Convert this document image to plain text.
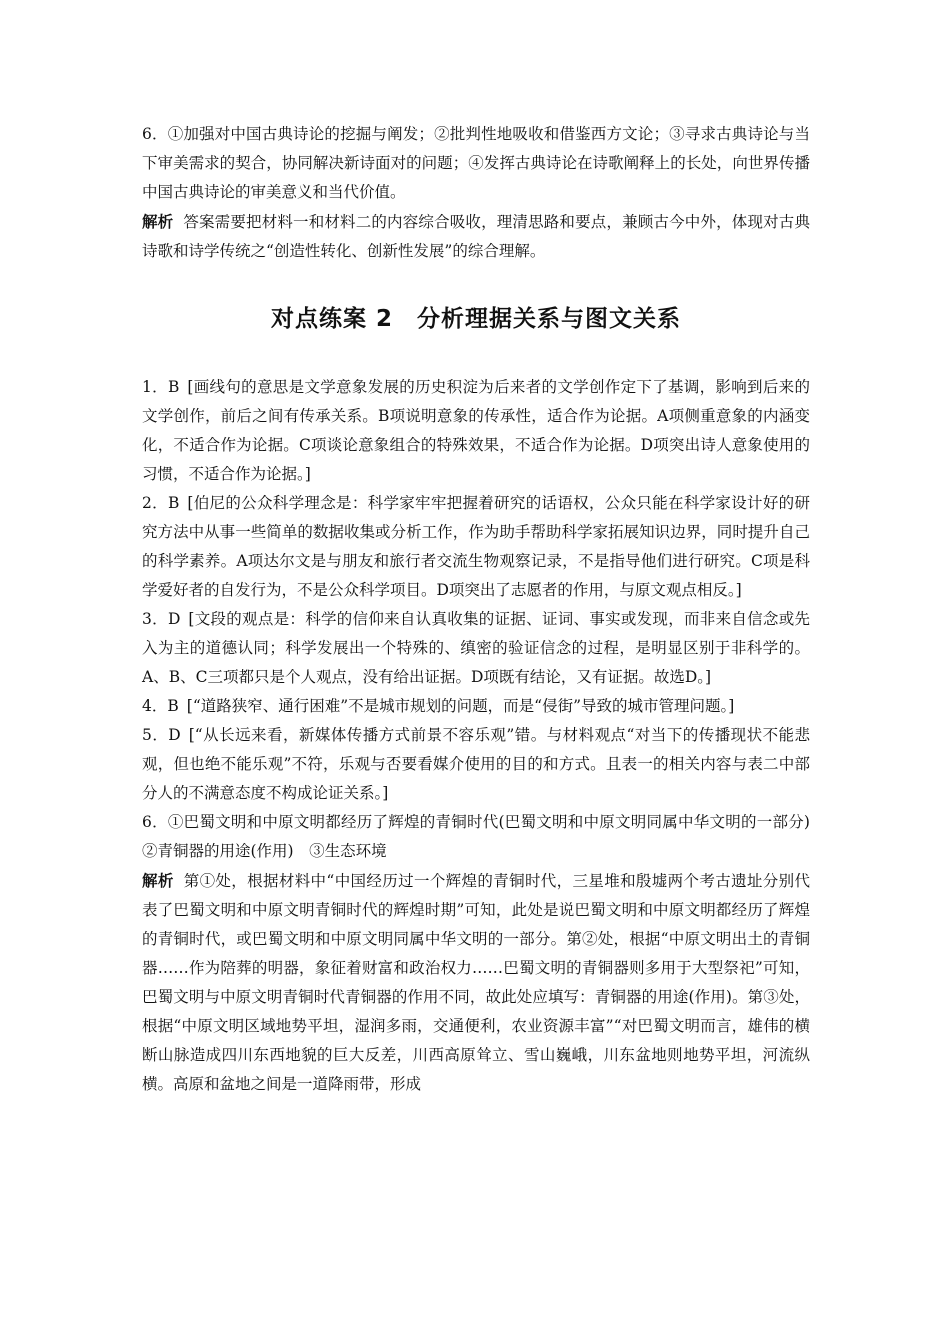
6．①加强对中国古典诗论的挖掘与阐发；②批判性地吸收和借鉴西方文论；③寻求古典诗论与当下审美需求的契合，协同解决新诗面对的问题；④发挥古典诗论在诗歌阐释上的长处，向世界传播中国古典诗论的审美意义和当代价值。

解析 答案需要把材料一和材料二的内容综合吸收，理清思路和要点，兼顾古今中外，体现对古典诗歌和诗学传统之“创造性转化、创新性发展”的综合理解。

对点练案 2　分析理据关系与图文关系

1．B [画线句的意思是文学意象发展的历史积淀为后来者的文学创作定下了基调，影响到后来的文学创作，前后之间有传承关系。B项说明意象的传承性，适合作为论据。A项侧重意象的内涵变化，不适合作为论据。C项谈论意象组合的特殊效果，不适合作为论据。D项突出诗人意象使用的习惯，不适合作为论据。]

2．B [伯尼的公众科学理念是：科学家牢牢把握着研究的话语权，公众只能在科学家设计好的研究方法中从事一些简单的数据收集或分析工作，作为助手帮助科学家拓展知识边界，同时提升自己的科学素养。A项达尔文是与朋友和旅行者交流生物观察记录，不是指导他们进行研究。C项是科学爱好者的自发行为，不是公众科学项目。D项突出了志愿者的作用，与原文观点相反。]

3．D [文段的观点是：科学的信仰来自认真收集的证据、证词、事实或发现，而非来自信念或先入为主的道德认同；科学发展出一个特殊的、缜密的验证信念的过程，是明显区别于非科学的。A、B、C三项都只是个人观点，没有给出证据。D项既有结论，又有证据。故选D。]

4．B [“道路狭窄、通行困难”不是城市规划的问题，而是“侵街”导致的城市管理问题。]

5．D [“从长远来看，新媒体传播方式前景不容乐观”错。与材料观点“对当下的传播现状不能悲观，但也绝不能乐观”不符，乐观与否要看媒介使用的目的和方式。且表一的相关内容与表二中部分人的不满意态度不构成论证关系。]

6．①巴蜀文明和中原文明都经历了辉煌的青铜时代(巴蜀文明和中原文明同属中华文明的一部分)　②青铜器的用途(作用)　③生态环境

解析 第①处，根据材料中“中国经历过一个辉煌的青铜时代，三星堆和殷墟两个考古遗址分别代表了巴蜀文明和中原文明青铜时代的辉煌时期”可知，此处是说巴蜀文明和中原文明都经历了辉煌的青铜时代，或巴蜀文明和中原文明同属中华文明的一部分。第②处，根据“中原文明出土的青铜器……作为陪葬的明器，象征着财富和政治权力……巴蜀文明的青铜器则多用于大型祭祀”可知，巴蜀文明与中原文明青铜时代青铜器的作用不同，故此处应填写：青铜器的用途(作用)。第③处，根据“中原文明区域地势平坦，湿润多雨，交通便利，农业资源丰富”“对巴蜀文明而言，雄伟的横断山脉造成四川东西地貌的巨大反差，川西高原耸立、雪山巍峨，川东盆地则地势平坦，河流纵横。高原和盆地之间是一道降雨带，形成
